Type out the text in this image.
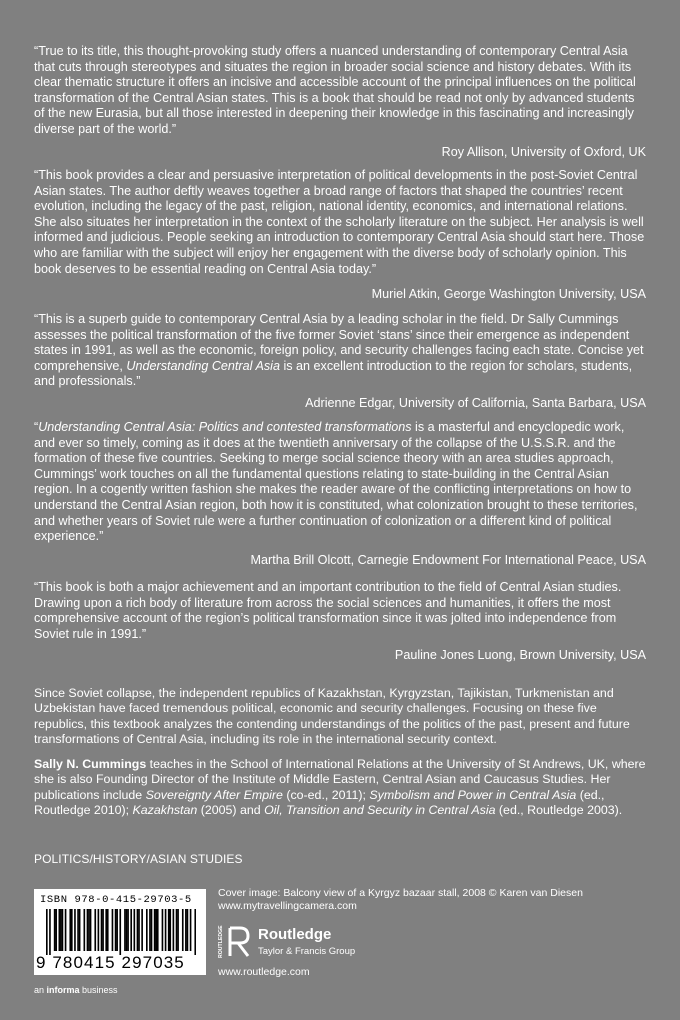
“True to its title, this thought-provoking study offers a nuanced understanding of contemporary Central Asia that cuts through stereotypes and situates the region in broader social science and history debates. With its clear thematic structure it offers an incisive and accessible account of the principal influences on the political transformation of the Central Asian states. This is a book that should be read not only by advanced students of the new Eurasia, but all those interested in deepening their knowledge in this fascinating and increasingly diverse part of the world.”

Roy Allison, University of Oxford, UK

“This book provides a clear and persuasive interpretation of political developments in the post-Soviet Central Asian states. The author deftly weaves together a broad range of factors that shaped the countries’ recent evolution, including the legacy of the past, religion, national identity, economics, and international relations. She also situates her interpretation in the context of the scholarly literature on the subject. Her analysis is well informed and judicious. People seeking an introduction to contemporary Central Asia should start here. Those who are familiar with the subject will enjoy her engagement with the diverse body of scholarly opinion. This book deserves to be essential reading on Central Asia today.”

Muriel Atkin, George Washington University, USA

“This is a superb guide to contemporary Central Asia by a leading scholar in the field. Dr Sally Cummings assesses the political transformation of the five former Soviet ‘stans’ since their emergence as independent states in 1991, as well as the economic, foreign policy, and security challenges facing each state. Concise yet comprehensive, Understanding Central Asia is an excellent introduction to the region for scholars, students, and professionals.”

Adrienne Edgar, University of California, Santa Barbara, USA

“Understanding Central Asia: Politics and contested transformations is a masterful and encyclopedic work, and ever so timely, coming as it does at the twentieth anniversary of the collapse of the U.S.S.R. and the formation of these five countries. Seeking to merge social science theory with an area studies approach, Cummings’ work touches on all the fundamental questions relating to state-building in the Central Asian region. In a cogently written fashion she makes the reader aware of the conflicting interpretations on how to understand the Central Asian region, both how it is constituted, what colonization brought to these territories, and whether years of Soviet rule were a further continuation of colonization or a different kind of political experience.”

Martha Brill Olcott, Carnegie Endowment For International Peace, USA

“This book is both a major achievement and an important contribution to the field of Central Asian studies. Drawing upon a rich body of literature from across the social sciences and humanities, it offers the most comprehensive account of the region’s political transformation since it was jolted into independence from Soviet rule in 1991.”

Pauline Jones Luong, Brown University, USA

Since Soviet collapse, the independent republics of Kazakhstan, Kyrgyzstan, Tajikistan, Turkmenistan and Uzbekistan have faced tremendous political, economic and security challenges. Focusing on these five republics, this textbook analyzes the contending understandings of the politics of the past, present and future transformations of Central Asia, including its role in the international security context.

Sally N. Cummings teaches in the School of International Relations at the University of St Andrews, UK, where she is also Founding Director of the Institute of Middle Eastern, Central Asian and Caucasus Studies. Her publications include Sovereignty After Empire (co-ed., 2011); Symbolism and Power in Central Asia (ed., Routledge 2010); Kazakhstan (2005) and Oil, Transition and Security in Central Asia (ed., Routledge 2003).

POLITICS/HISTORY/ASIAN STUDIES
ISBN 978-0-415-29703-5
9 780415 297035
Cover image: Balcony view of a Kyrgyz bazaar stall, 2008 © Karen van Diesen
www.mytravellingcamera.com
ROUTLEDGE Routledge
Taylor & Francis Group
www.routledge.com
an informa business
